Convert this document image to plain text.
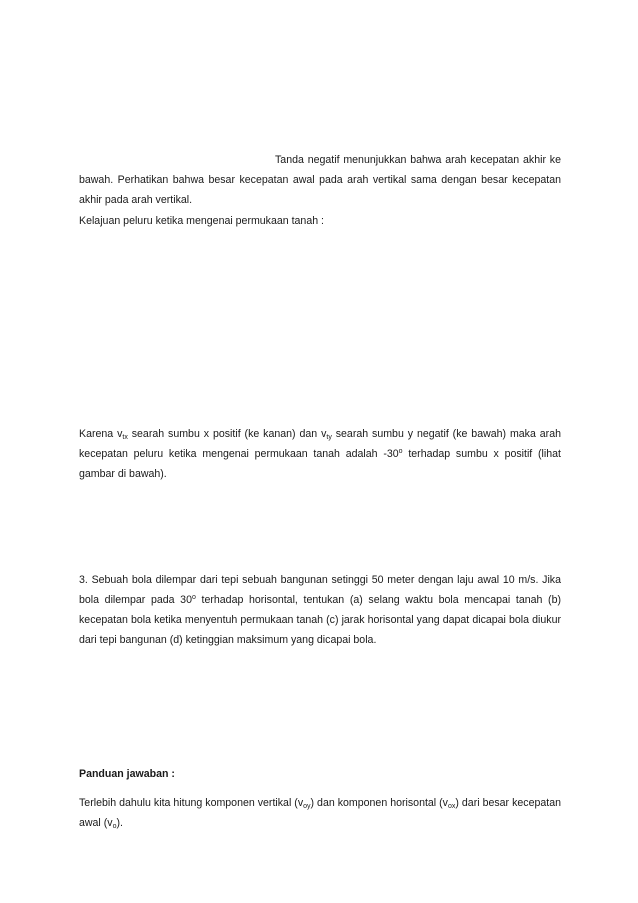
Tanda negatif menunjukkan bahwa arah kecepatan akhir ke bawah. Perhatikan bahwa besar kecepatan awal pada arah vertikal sama dengan besar kecepatan akhir pada arah vertikal.

Kelajuan peluru ketika mengenai permukaan tanah :

Karena $v_{tx}$ searah sumbu x positif (ke kanan) dan $v_{ty}$ searah sumbu y negatif (ke bawah) maka arah kecepatan peluru ketika mengenai permukaan tanah adalah -30$^o$ terhadap sumbu x positif (lihat gambar di bawah).

3. Sebuah bola dilempar dari tepi sebuah bangunan setinggi 50 meter dengan laju awal 10 m/s. Jika bola dilempar pada 30$^o$ terhadap horisontal, tentukan (a) selang waktu bola mencapai tanah (b) kecepatan bola ketika menyentuh permukaan tanah (c) jarak horisontal yang dapat dicapai bola diukur dari tepi bangunan (d) ketinggian maksimum yang dicapai bola.

Panduan jawaban :

Terlebih dahulu kita hitung komponen vertikal $(v_{oy})$ dan komponen horisontal $(v_{ox})$ dari besar kecepatan awal $(v_o)$.
